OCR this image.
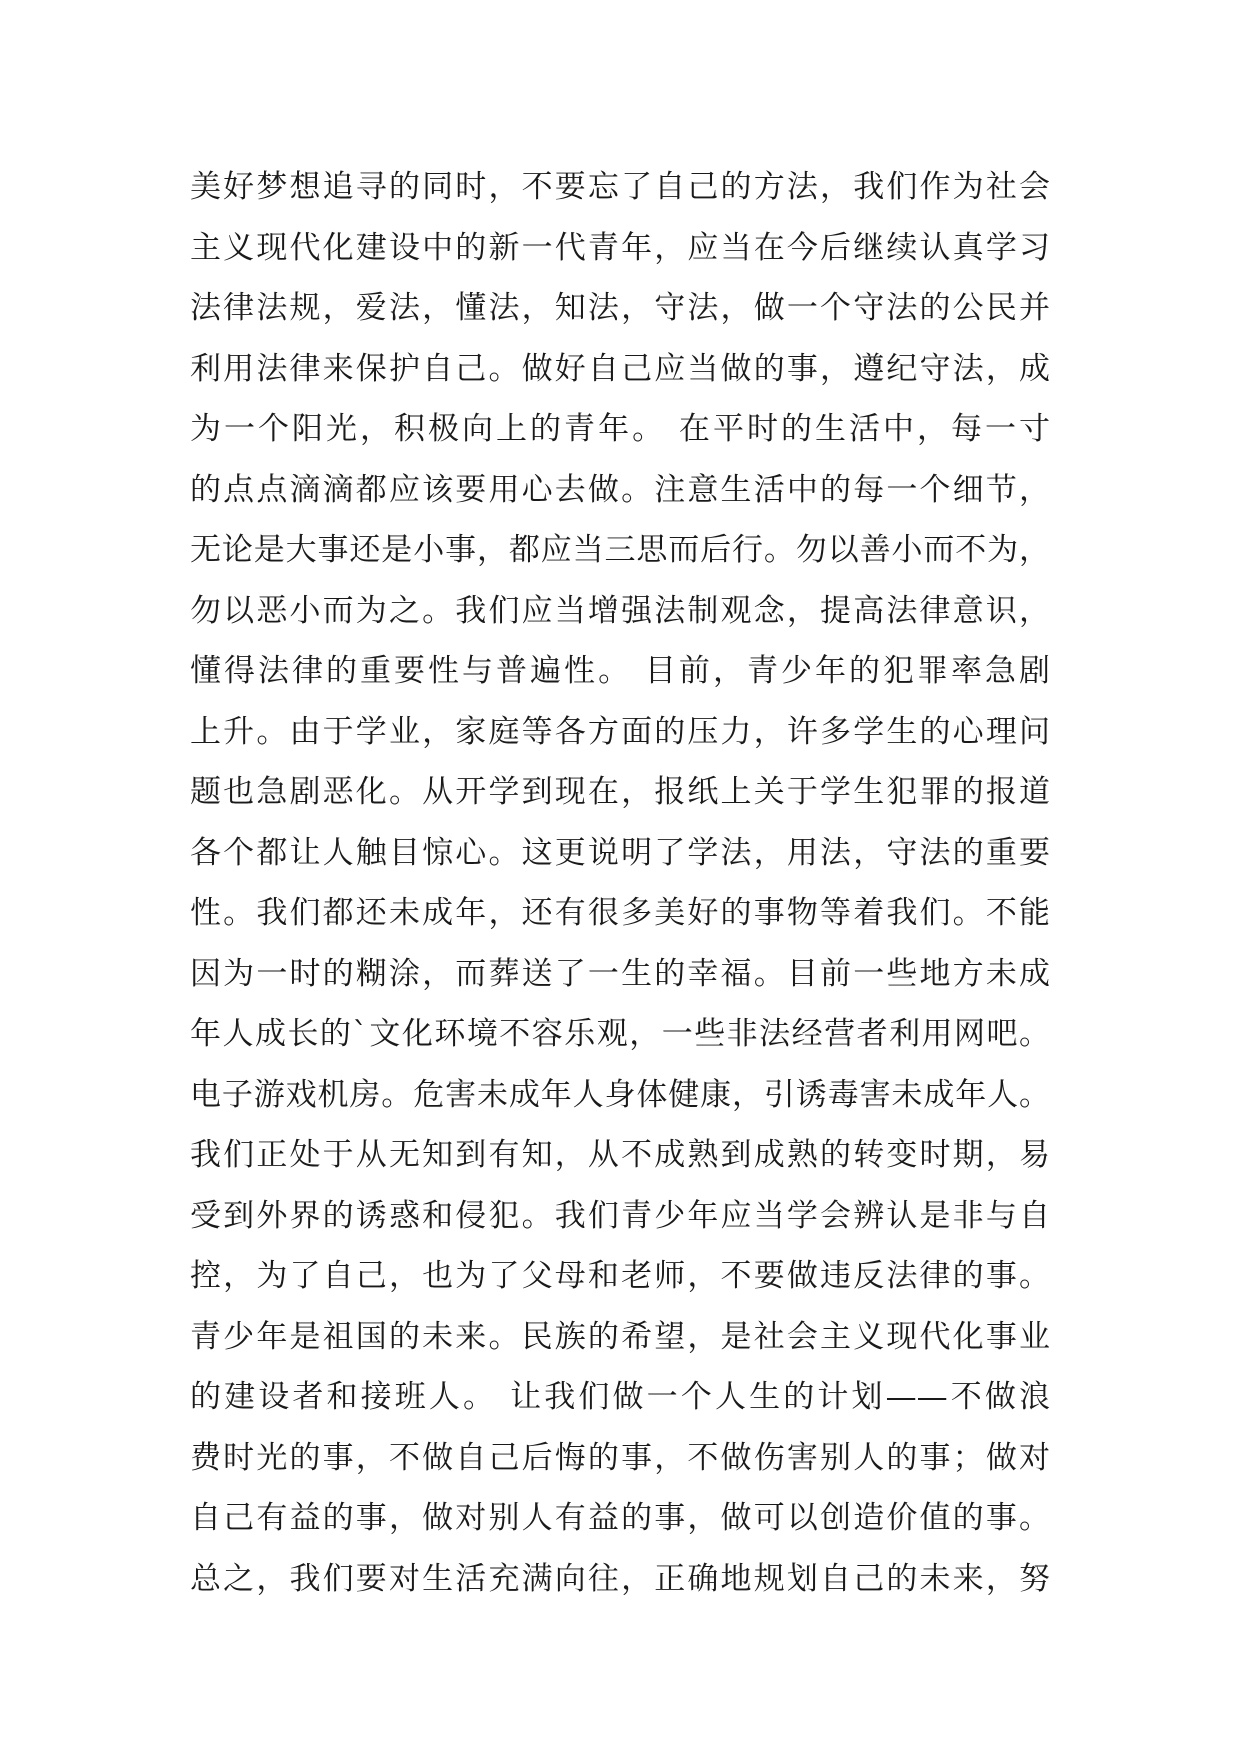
美好梦想追寻的同时，不要忘了自己的方法，我们作为社会
主义现代化建设中的新一代青年，应当在今后继续认真学习
法律法规，爱法，懂法，知法，守法，做一个守法的公民并
利用法律来保护自己。做好自己应当做的事，遵纪守法，成
为一个阳光，积极向上的青年。 在平时的生活中，每一寸
的点点滴滴都应该要用心去做。注意生活中的每一个细节，
无论是大事还是小事，都应当三思而后行。勿以善小而不为，
勿以恶小而为之。我们应当增强法制观念，提高法律意识，
懂得法律的重要性与普遍性。 目前，青少年的犯罪率急剧
上升。由于学业，家庭等各方面的压力，许多学生的心理问
题也急剧恶化。从开学到现在，报纸上关于学生犯罪的报道
各个都让人触目惊心。这更说明了学法，用法，守法的重要
性。我们都还未成年，还有很多美好的事物等着我们。不能
因为一时的糊涂，而葬送了一生的幸福。目前一些地方未成
年人成长的`文化环境不容乐观，一些非法经营者利用网吧。
电子游戏机房。危害未成年人身体健康，引诱毒害未成年人。
我们正处于从无知到有知，从不成熟到成熟的转变时期，易
受到外界的诱惑和侵犯。我们青少年应当学会辨认是非与自
控，为了自己，也为了父母和老师，不要做违反法律的事。
青少年是祖国的未来。民族的希望，是社会主义现代化事业
的建设者和接班人。 让我们做一个人生的计划——不做浪
费时光的事，不做自己后悔的事，不做伤害别人的事；做对
自己有益的事，做对别人有益的事，做可以创造价值的事。
总之，我们要对生活充满向往，正确地规划自己的未来，努
